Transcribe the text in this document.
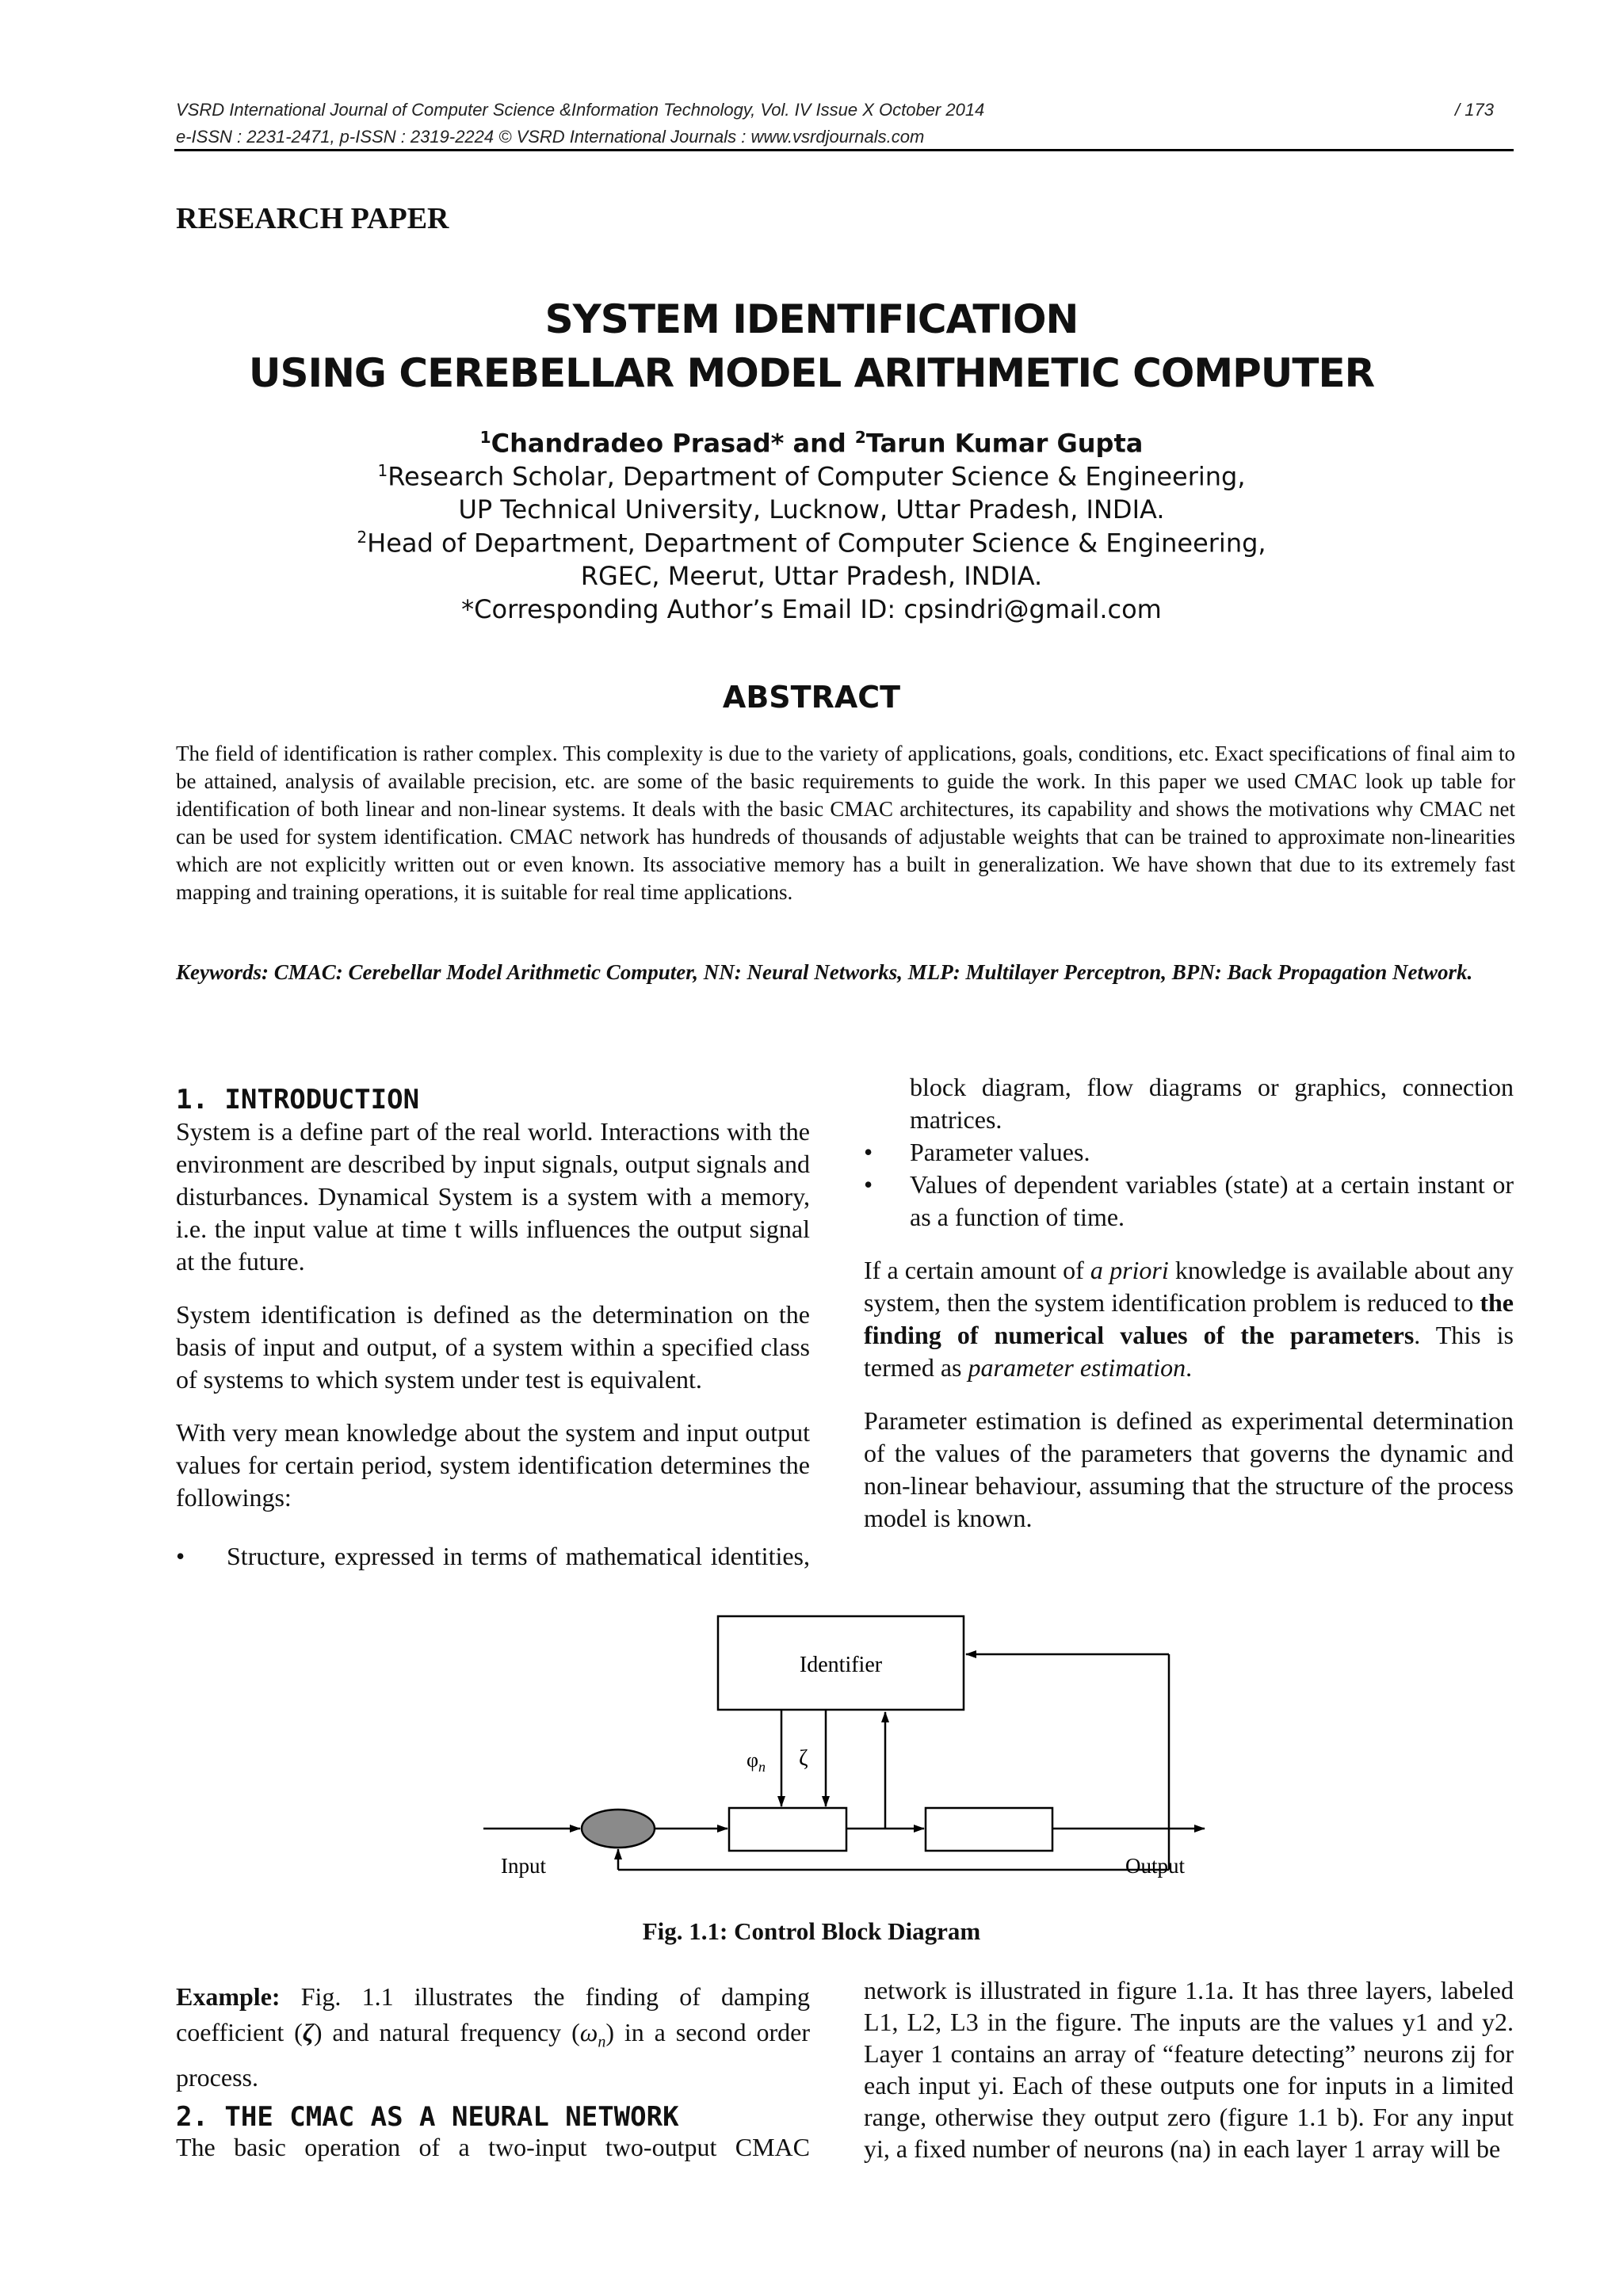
VSRD International Journal of Computer Science &Information Technology, Vol. IV Issue X October 2014	/ 173
e-ISSN : 2231-2471, p-ISSN : 2319-2224 © VSRD International Journals : www.vsrdjournals.com
RESEARCH PAPER
SYSTEM IDENTIFICATION
USING CEREBELLAR MODEL ARITHMETIC COMPUTER
$^1$Chandradeo Prasad* and $^2$Tarun Kumar Gupta
$^1$Research Scholar, Department of Computer Science & Engineering,
UP Technical University, Lucknow, Uttar Pradesh, INDIA.
$^2$Head of Department, Department of Computer Science & Engineering,
RGEC, Meerut, Uttar Pradesh, INDIA.
*Corresponding Author’s Email ID: cpsindri@gmail.com
ABSTRACT

The field of identification is rather complex. This complexity is due to the variety of applications, goals, conditions, etc. Exact specifications of final aim to be attained, analysis of available precision, etc. are some of the basic requirements to guide the work. In this paper we used CMAC look up table for identification of both linear and non-linear systems. It deals with the basic CMAC architectures, its capability and shows the motivations why CMAC net can be used for system identification. CMAC network has hundreds of thousands of adjustable weights that can be trained to approximate non-linearities which are not explicitly written out or even known. Its associative memory has a built in generalization. We have shown that due to its extremely fast mapping and training operations, it is suitable for real time applications.

Keywords: CMAC: Cerebellar Model Arithmetic Computer, NN: Neural Networks, MLP: Multilayer Perceptron, BPN: Back Propagation Network.

1. INTRODUCTION

System is a define part of the real world. Interactions with the environment are described by input signals, output signals and disturbances. Dynamical System is a system with a memory, i.e. the input value at time t wills influences the output signal at the future.

System identification is defined as the determination on the basis of input and output, of a system within a specified class of systems to which system under test is equivalent.

With very mean knowledge about the system and input output values for certain period, system identification determines the followings:

• Structure, expressed in terms of mathematical identities,
block diagram, flow diagrams or graphics, connection matrices.
• Parameter values.
• Values of dependent variables (state) at a certain instant or as a function of time.

If a certain amount of a priori knowledge is available about any system, then the system identification problem is reduced to the finding of numerical values of the parameters. This is termed as parameter estimation.

Parameter estimation is defined as experimental determination of the values of the parameters that governs the dynamic and non-linear behaviour, assuming that the structure of the process model is known.

Identifier
$\varphi_n$ ζ
Input	Output
Fig. 1.1: Control Block Diagram

Example: Fig. 1.1 illustrates the finding of damping coefficient (ζ) and natural frequency $(\omega_n)$ in a second order process.

2. THE CMAC AS A NEURAL NETWORK

The basic operation of a two-input two-output CMAC

network is illustrated in figure 1.1a. It has three layers, labeled L1, L2, L3 in the figure. The inputs are the values y1 and y2. Layer 1 contains an array of “feature detecting” neurons zij for each input yi. Each of these outputs one for inputs in a limited range, otherwise they output zero (figure 1.1 b). For any input yi, a fixed number of neurons (na) in each layer 1 array will be
